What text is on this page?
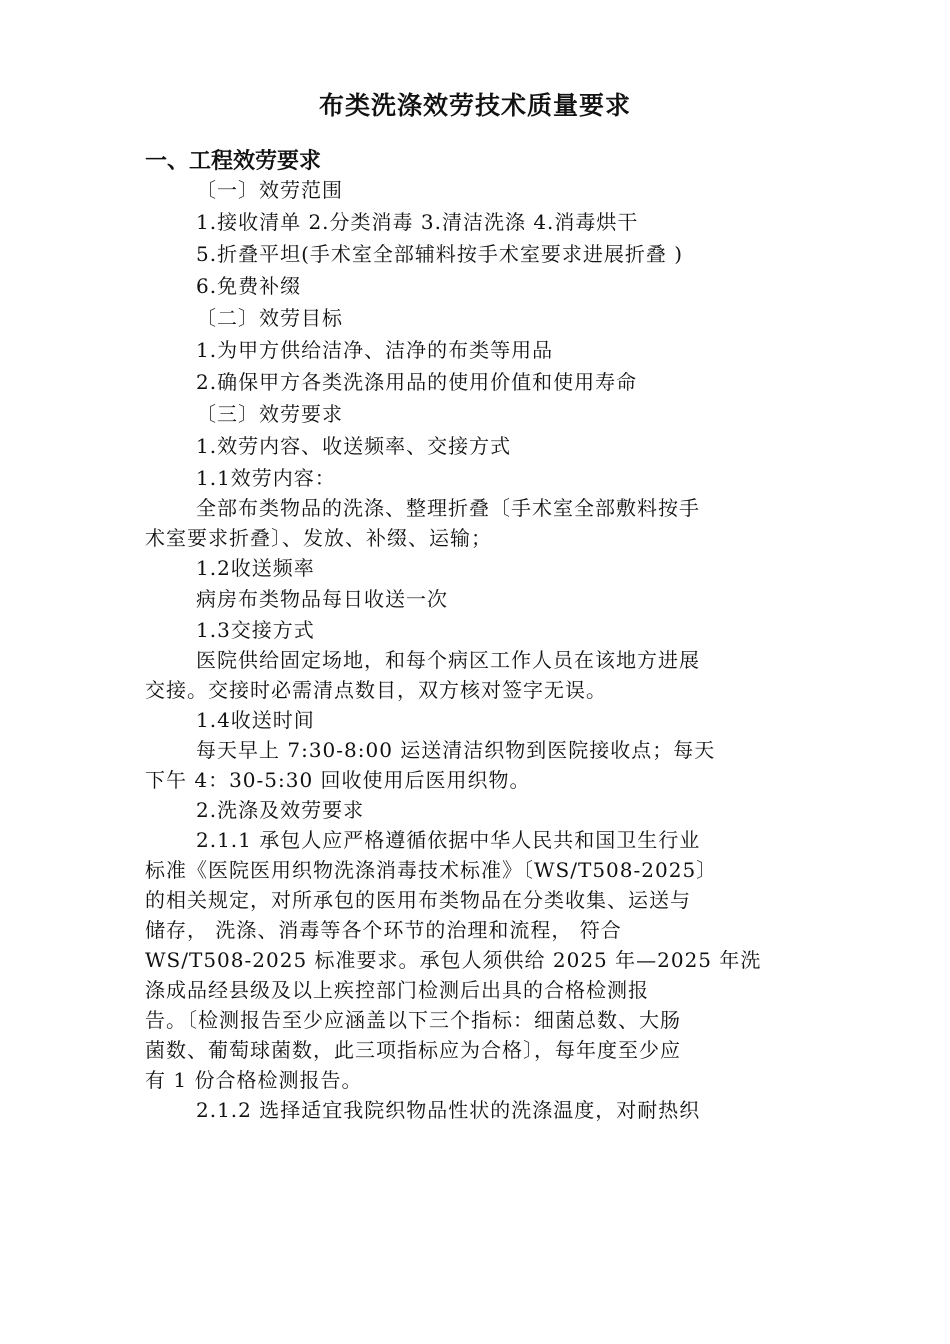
布类洗涤效劳技术质量要求
一、工程效劳要求

〔一〕效劳范围

1.接收清单 2.分类消毒 3.清洁洗涤 4.消毒烘干

5.折叠平坦(手术室全部辅料按手术室要求进展折叠 )

6.免费补缀

〔二〕效劳目标

1.为甲方供给洁净、洁净的布类等用品

2.确保甲方各类洗涤用品的使用价值和使用寿命

〔三〕效劳要求

1.效劳内容、收送频率、交接方式

1.1效劳内容：

全部布类物品的洗涤、整理折叠〔手术室全部敷料按手

术室要求折叠〕、发放、补缀、运输；

1.2收送频率

病房布类物品每日收送一次

1.3交接方式

医院供给固定场地，和每个病区工作人员在该地方进展

交接。交接时必需清点数目，双方核对签字无误。

1.4收送时间

每天早上 7:30-8:00 运送清洁织物到医院接收点；每天

下午 4：30-5:30 回收使用后医用织物。

2.洗涤及效劳要求

2.1.1 承包人应严格遵循依据中华人民共和国卫生行业

标准《医院医用织物洗涤消毒技术标准》〔WS/T508-2025〕

的相关规定，对所承包的医用布类物品在分类收集、运送与

储存， 洗涤、消毒等各个环节的治理和流程， 符合

WS/T508-2025 标准要求。承包人须供给 2025 年—2025 年洗

涤成品经县级及以上疾控部门检测后出具的合格检测报

告。〔检测报告至少应涵盖以下三个指标：细菌总数、大肠

菌数、葡萄球菌数，此三项指标应为合格〕，每年度至少应

有 1 份合格检测报告。

2.1.2 选择适宜我院织物品性状的洗涤温度，对耐热织
